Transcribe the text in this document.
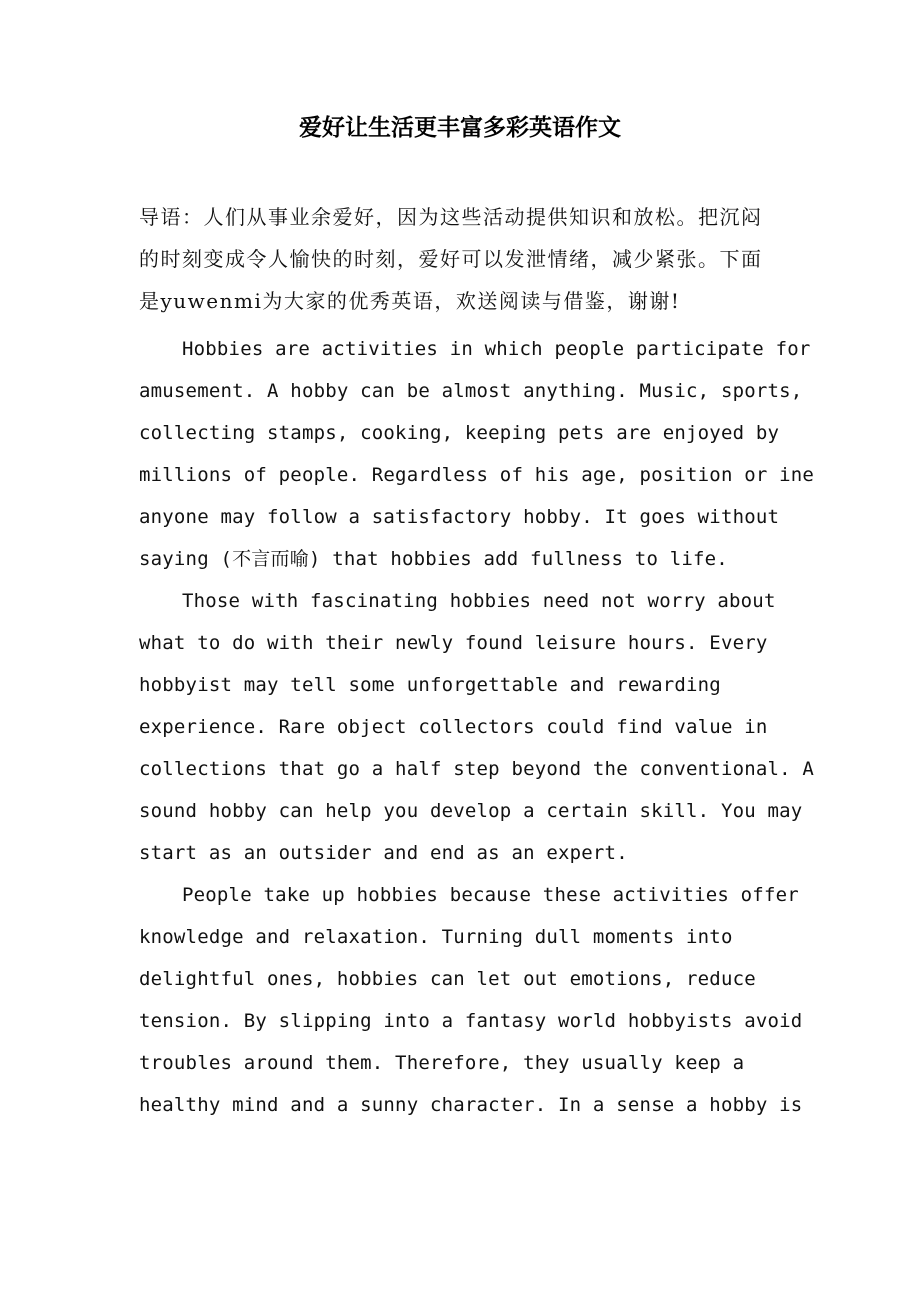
爱好让生活更丰富多彩英语作文
导语：人们从事业余爱好，因为这些活动提供知识和放松。把沉闷
的时刻变成令人愉快的时刻，爱好可以发泄情绪，减少紧张。下面
是yuwenmi为大家的优秀英语，欢送阅读与借鉴，谢谢!
Hobbies are activities in which people participate for
amusement. A hobby can be almost anything. Music, sports,
collecting stamps, cooking, keeping pets are enjoyed by
millions of people. Regardless of his age, position or ine
anyone may follow a satisfactory hobby. It goes without
saying (不言而喻) that hobbies add fullness to life.
Those with fascinating hobbies need not worry about
what to do with their newly found leisure hours. Every
hobbyist may tell some unforgettable and rewarding
experience. Rare object collectors could find value in
collections that go a half step beyond the conventional. A
sound hobby can help you develop a certain skill. You may
start as an outsider and end as an expert.
People take up hobbies because these activities offer
knowledge and relaxation. Turning dull moments into
delightful ones, hobbies can let out emotions, reduce
tension. By slipping into a fantasy world hobbyists avoid
troubles around them. Therefore, they usually keep a
healthy mind and a sunny character. In a sense a hobby is
